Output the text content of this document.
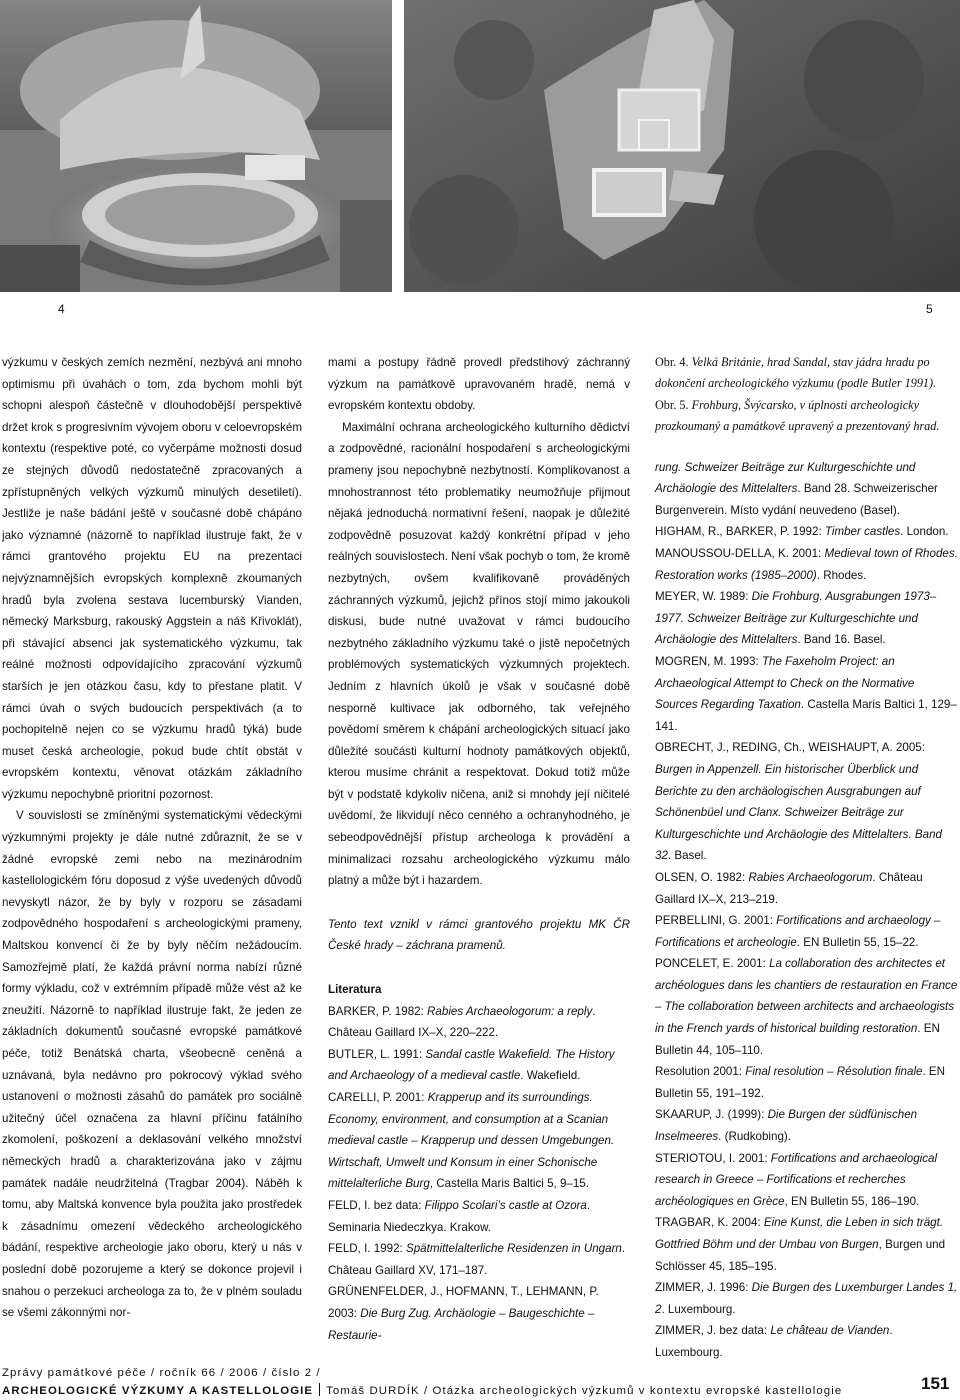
4	5

výzkumu v českých zemích nezmění, nezbývá ani mnoho optimismu při úvahách o tom, zda bychom mohli být schopni alespoň částečně v dlouhodobější perspektivě držet krok s progresivním vývojem oboru v celoevropském kontextu (respektive poté, co vyčerpáme možnosti dosud ze stejných důvodů nedostatečně zpracovaných a zpřístupněných velkých výzkumů minulých desetiletí). Jestliže je naše bádání ještě v současné době chápáno jako významné (názorně to například ilustruje fakt, že v rámci grantového projektu EU na prezentaci nejvýznamnějších evropských komplexně zkoumaných hradů byla zvolena sestava lucemburský Vianden, německý Marksburg, rakouský Aggstein a náš Křivoklát), při stávající absenci jak systematického výzkumu, tak reálné možnosti odpovídajícího zpracování výzkumů starších je jen otázkou času, kdy to přestane platit. V rámci úvah o svých budoucích perspektivách (a to pochopitelně nejen co se výzkumu hradů týká) bude muset česká archeologie, pokud bude chtít obstát v evropském kontextu, věnovat otázkám základního výzkumu nepochybně prioritní pozornost.

V souvislosti se zmíněnými systematickými vědeckými výzkumnými projekty je dále nutné zdůraznit, že se v žádné evropské zemi nebo na mezinárodním kastellologickém fóru doposud z výše uvedených důvodů nevyskytl názor, že by byly v rozporu se zásadami zodpovědného hospodaření s archeologickými prameny, Maltskou konvencí či že by byly něčím nežádoucím. Samozřejmě platí, že každá právní norma nabízí různé formy výkladu, což v extrémním případě může vést až ke zneužití. Názorně to například ilustruje fakt, že jeden ze základních dokumentů současné evropské památkové péče, totiž Benátská charta, všeobecně ceněná a uznávaná, byla nedávno pro pokrocový výklad svého ustanovení o možnosti zásahů do památek pro sociálně užitečný účel označena za hlavní příčinu fatálního zkomolení, poškození a deklasování velkého množství německých hradů a charakterizována jako v zájmu památek nadále neudržitelná (Tragbar 2004). Náběh k tomu, aby Maltská konvence byla použita jako prostředek k zásadnímu omezení vědeckého archeologického bádání, respektive archeologie jako oboru, který u nás v poslední době pozorujeme a který se dokonce projevil i snahou o perzekuci archeologa za to, že v plném souladu se všemi zákonnými nor-

mami a postupy řádně provedl předstihový záchranný výzkum na památkově upravovaném hradě, nemá v evropském kontextu obdoby.

Maximální ochrana archeologického kulturního dědictví a zodpovědné, racionální hospodaření s archeologickými prameny jsou nepochybně nezbytností. Komplikovanost a mnohostrannost této problematiky neumožňuje přijmout nějaká jednoduchá normativní řešení, naopak je důležité zodpovědně posuzovat každý konkrétní případ v jeho reálných souvislostech. Není však pochyb o tom, že kromě nezbytných, ovšem kvalifikovaně prováděných záchranných výzkumů, jejichž přínos stojí mimo jakoukoli diskusi, bude nutné uvažovat v rámci budoucího nezbytného základního výzkumu také o jistě nepočetných problémových systematických výzkumných projektech. Jedním z hlavních úkolů je však v současné době nesporně kultivace jak odborného, tak veřejného povědomí směrem k chápání archeologických situací jako důležité součásti kulturní hodnoty památkových objektů, kterou musíme chránit a respektovat. Dokud totiž může být v podstatě kdykoliv ničena, aniž si mnohdy její ničitelé uvědomí, že likvidují něco cenného a ochranyhodného, je sebeodpovědnější přístup archeologa k provádění a minimalizaci rozsahu archeologického výzkumu málo platný a může být i hazardem.

Tento text vznikl v rámci grantového projektu MK ČR České hrady – záchrana pramenů.

Literatura

BARKER, P. 1982: Rabies Archaeologorum: a reply. Château Gaillard IX–X, 220–222.

BUTLER, L. 1991: Sandal castle Wakefield. The History and Archaeology of a medieval castle. Wakefield.

CARELLI, P. 2001: Krapperup and its surroundings. Economy, environment, and consumption at a Scanian medieval castle – Krapperup und dessen Umgebungen. Wirtschaft, Umwelt und Konsum in einer Schonische mittelalterliche Burg, Castella Maris Baltici 5, 9–15.

FELD, I. bez data: Filippo Scolari’s castle at Ozora. Seminaria Niedeczkya. Krakow.

FELD, I. 1992: Spätmittelalterliche Residenzen in Ungarn. Château Gaillard XV, 171–187.

GRÜNENFELDER, J., HOFMANN, T., LEHMANN, P. 2003: Die Burg Zug. Archäologie – Baugeschichte – Restaurie-

Obr. 4. Velká Británie, hrad Sandal, stav jádra hradu po dokončení archeologického výzkumu (podle Butler 1991).
Obr. 5. Frohburg, Švýcarsko, v úplnosti archeologicky prozkoumaný a památkově upravený a prezentovaný hrad.

rung. Schweizer Beiträge zur Kulturgeschichte und Archäologie des Mittelalters. Band 28. Schweizerischer Burgenverein. Místo vydání neuvedeno (Basel).

HIGHAM, R., BARKER, P. 1992: Timber castles. London.

MANOUSSOU-DELLA, K. 2001: Medieval town of Rhodes. Restoration works (1985–2000). Rhodes.

MEYER, W. 1989: Die Frohburg. Ausgrabungen 1973–1977. Schweizer Beiträge zur Kulturgeschichte und Archäologie des Mittelalters. Band 16. Basel.

MOGREN, M. 1993: The Faxeholm Project: an Archaeological Attempt to Check on the Normative Sources Regarding Taxation. Castella Maris Baltici 1, 129–141.

OBRECHT, J., REDING, Ch., WEISHAUPT, A. 2005: Burgen in Appenzell. Ein historischer Überblick und Berichte zu den archäologischen Ausgrabungen auf Schönenbüel und Clanx. Schweizer Beiträge zur Kulturgeschichte und Archäologie des Mittelalters. Band 32. Basel.

OLSEN, O. 1982: Rabies Archaeologorum. Château Gaillard IX–X, 213–219.

PERBELLINI, G. 2001: Fortifications and archaeology – Fortifications et archeologie. EN Bulletin 55, 15–22.

PONCELET, E. 2001: La collaboration des architectes et archéologues dans les chantiers de restauration en France – The collaboration between architects and archaeologists in the French yards of historical building restoration. EN Bulletin 44, 105–110.

Resolution 2001: Final resolution – Résolution finale. EN Bulletin 55, 191–192.

SKAARUP, J. (1999): Die Burgen der südfünischen Inselmeeres. (Rudkobing).

STERIOTOU, I. 2001: Fortifications and archaeological research in Greece – Fortifications et recherches archéologiques en Grèce, EN Bulletin 55, 186–190.

TRAGBAR, K. 2004: Eine Kunst, die Leben in sich trägt. Gottfried Böhm und der Umbau von Burgen, Burgen und Schlösser 45, 185–195.

ZIMMER, J. 1996: Die Burgen des Luxemburger Landes 1, 2. Luxembourg.

ZIMMER, J. bez data: Le château de Vianden. Luxembourg.

Zprávy památkové péče / ročník 66 / 2006 / číslo 2 /
ARCHEOLOGICKÉ VÝZKUMY A KASTELLOLOGIE Tomáš DURDÍK / Otázka archeologických výzkumů v kontextu evropské kastellologie	151
